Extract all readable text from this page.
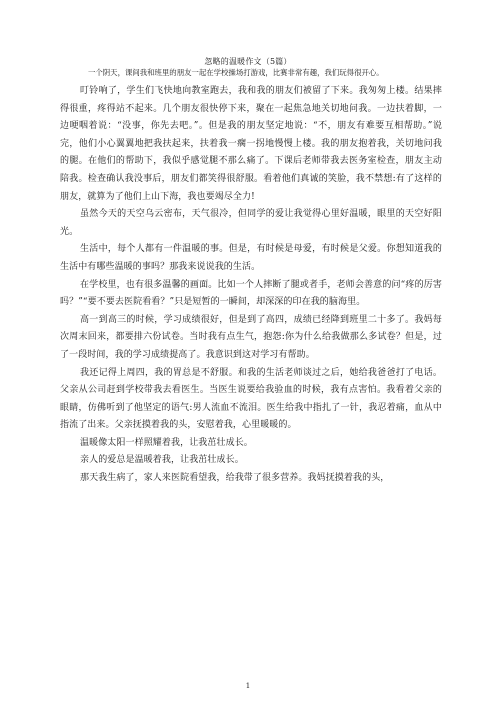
忽略的温暖作文（5篇）

一个阴天，课间我和班里的朋友一起在学校操场打游戏，比赛非常有趣，我们玩得很开心。

叮铃响了，学生们飞快地向教室跑去，我和我的朋友们被留了下来。我匆匆上楼。结果摔得很重，疼得站不起来。几个朋友很快停下来，聚在一起焦急地关切地问我。一边扶着脚，一边哽咽着说：“没事，你先去吧。”。但是我的朋友坚定地说：“不，朋友有难要互相帮助。”说完，他们小心翼翼地把我扶起来，扶着我一瘸一拐地慢慢上楼。我的朋友抱着我，关切地问我的腿。在他们的帮助下，我似乎感觉腿不那么痛了。下课后老师带我去医务室检查，朋友主动陪我。检查确认我没事后，朋友们都笑得很舒服。看着他们真诚的笑脸，我不禁想:有了这样的朋友，就算为了他们上山下海，我也要竭尽全力!

虽然今天的天空乌云密布，天气很冷，但同学的爱让我觉得心里好温暖，眼里的天空好阳光。

生活中，每个人都有一件温暖的事。但是，有时候是母爱，有时候是父爱。你想知道我的生活中有哪些温暖的事吗？那我来说说我的生活。

在学校里，也有很多温馨的画面。比如一个人摔断了腿或者手，老师会善意的问“疼的厉害吗？”“要不要去医院看看？”只是短暂的一瞬间，却深深的印在我的脑海里。

高一到高三的时候，学习成绩很好，但是到了高四，成绩已经降到班里二十多了。我妈每次周末回来，都要排六份试卷。当时我有点生气，抱怨:你为什么给我做那么多试卷？但是，过了一段时间，我的学习成绩提高了。我意识到这对学习有帮助。

我还记得上周四，我的胃总是不舒服。和我的生活老师谈过之后，她给我爸爸打了电话。父亲从公司赶到学校带我去看医生。当医生说要给我验血的时候，我有点害怕。我看着父亲的眼睛，仿佛听到了他坚定的语气:男人流血不流泪。医生给我中指扎了一针，我忍着痛，血从中指流了出来。父亲抚摸着我的头，安慰着我，心里暖暖的。

温暖像太阳一样照耀着我，让我茁壮成长。

亲人的爱总是温暖着我，让我茁壮成长。

那天我生病了，家人来医院看望我，给我带了很多营养。我妈抚摸着我的头，

1
